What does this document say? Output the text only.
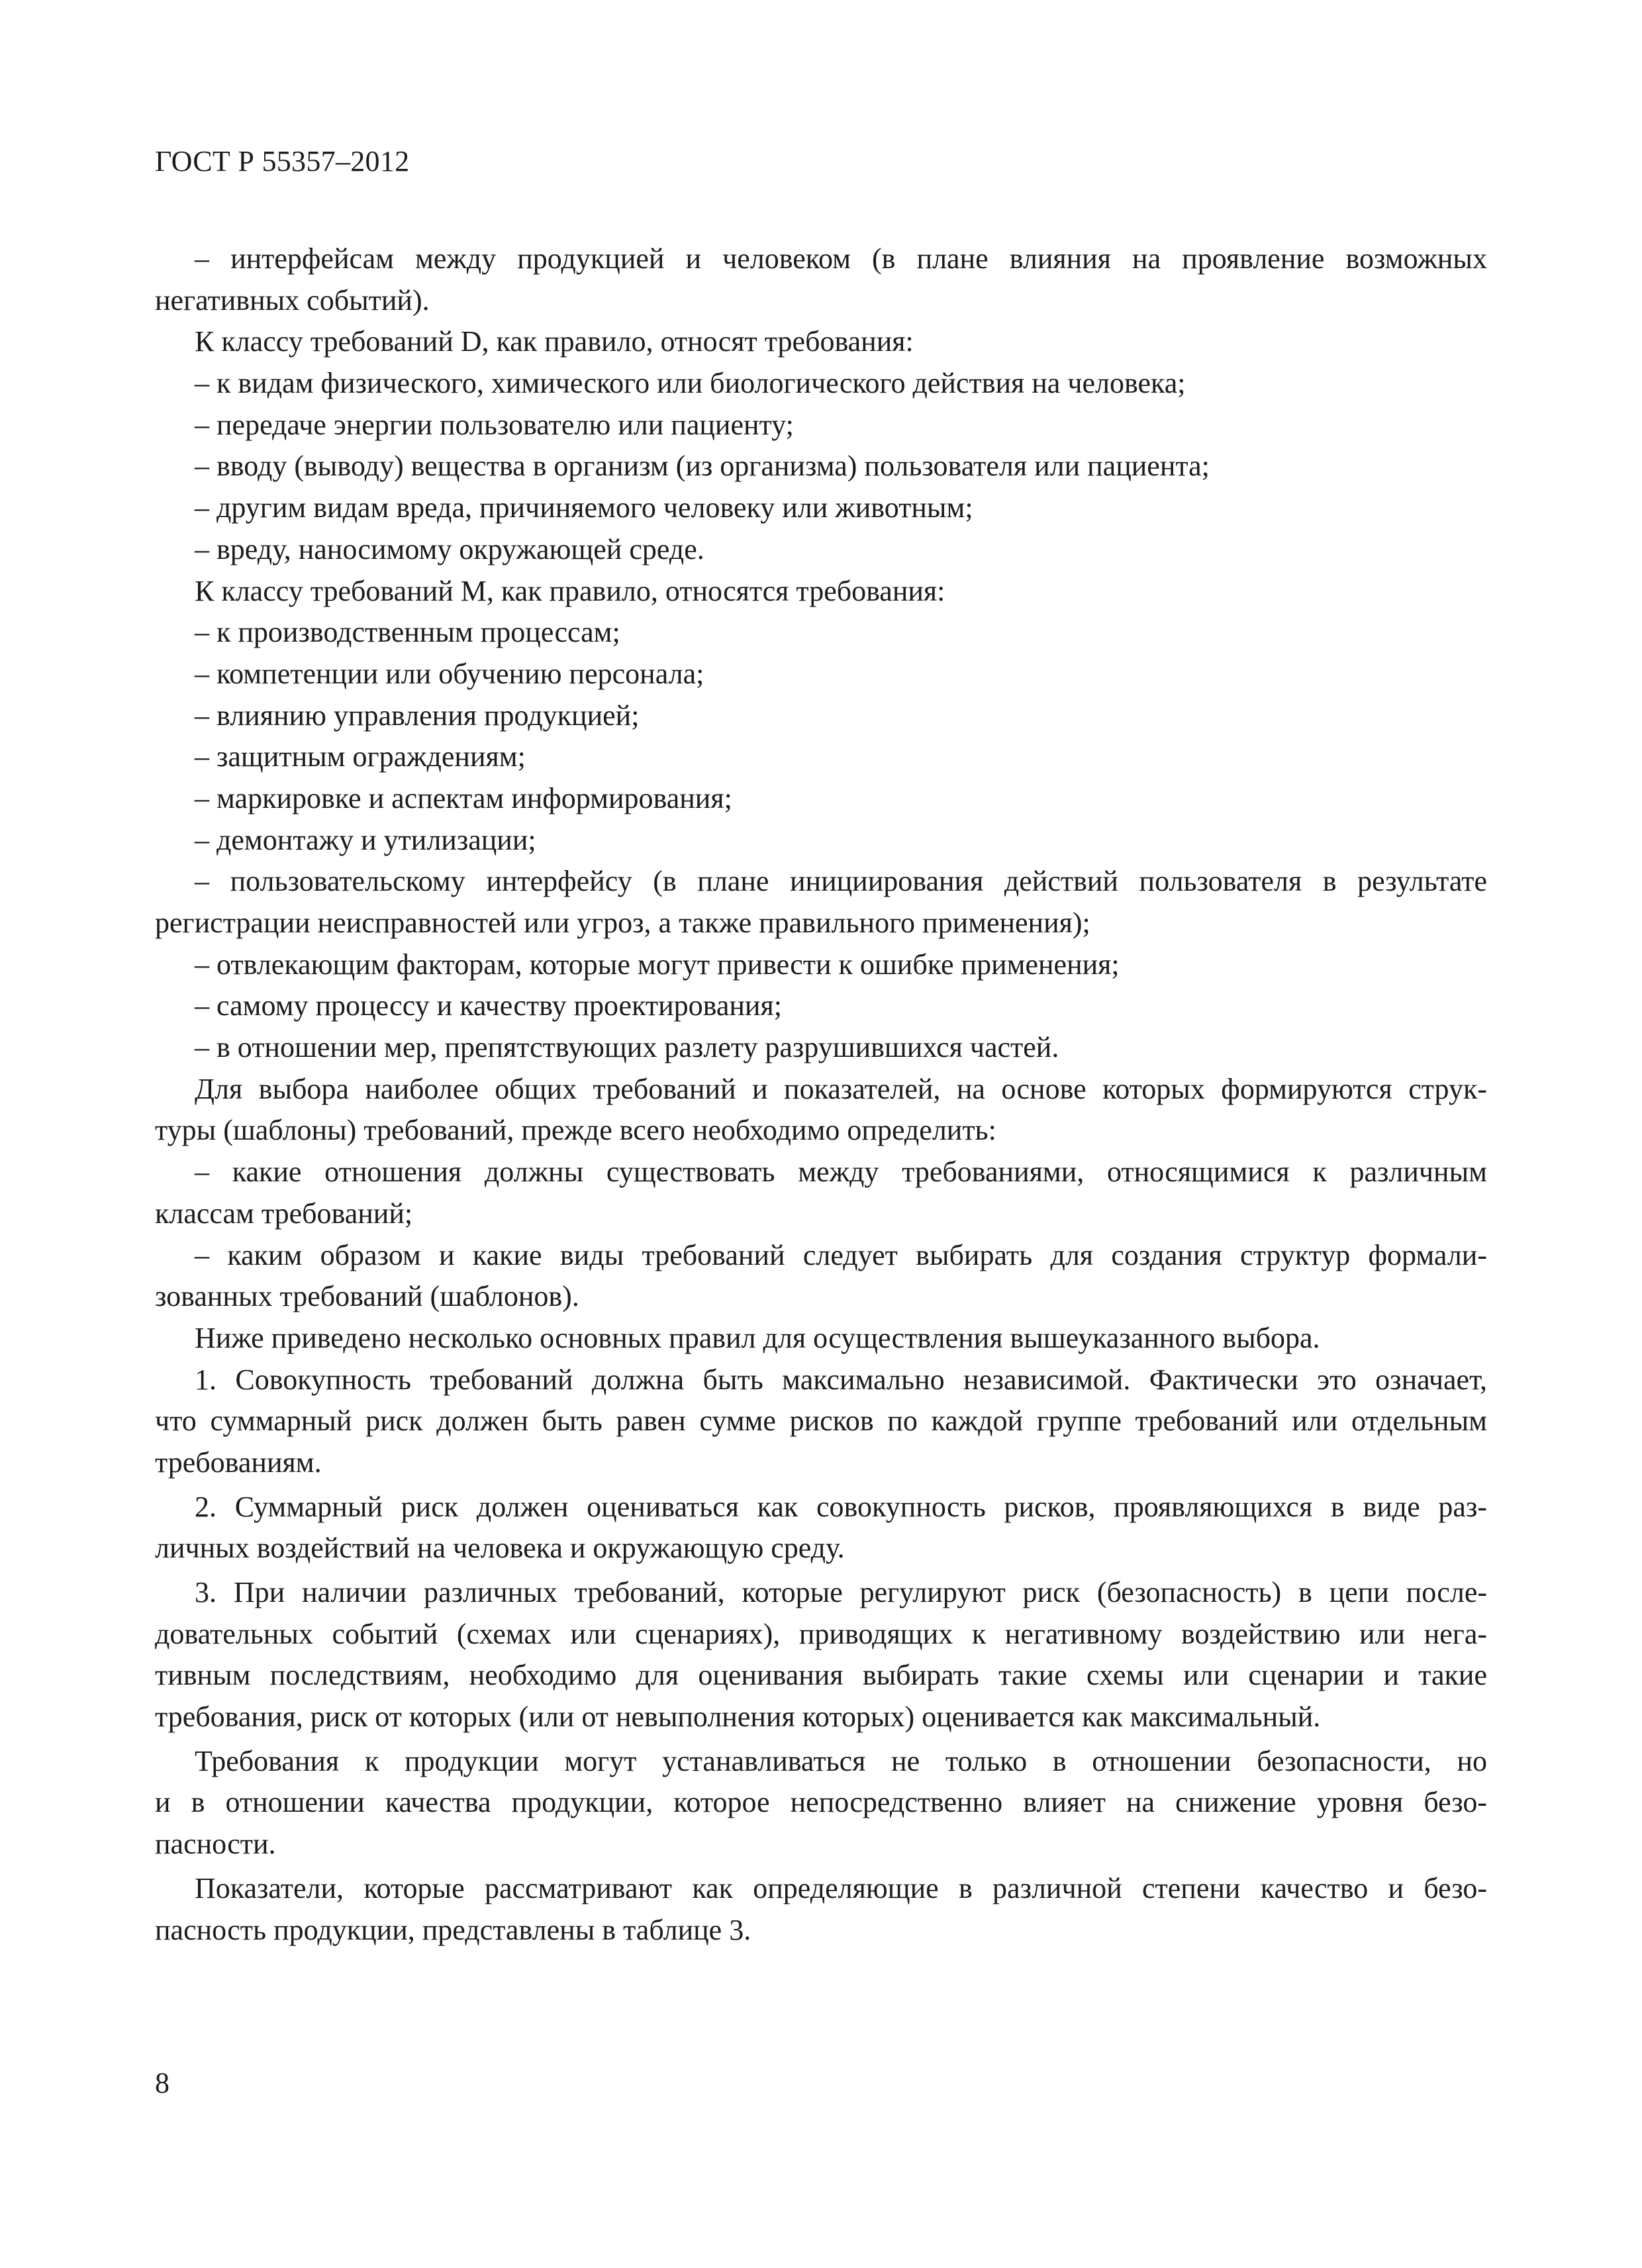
ГОСТ Р 55357–2012
– интерфейсам между продукцией и человеком (в плане влияния на проявление возможных
негативных событий).
К классу требований D, как правило, относят требования:
– к видам физического, химического или биологического действия на человека;
– передаче энергии пользователю или пациенту;
– вводу (выводу) вещества в организм (из организма) пользователя или пациента;
– другим видам вреда, причиняемого человеку или животным;
– вреду, наносимому окружающей среде.
К классу требований M, как правило, относятся требования:
– к производственным процессам;
– компетенции или обучению персонала;
– влиянию управления продукцией;
– защитным ограждениям;
– маркировке и аспектам информирования;
– демонтажу и утилизации;
– пользовательскому интерфейсу (в плане инициирования действий пользователя в результате
регистрации неисправностей или угроз, а также правильного применения);
– отвлекающим факторам, которые могут привести к ошибке применения;
– самому процессу и качеству проектирования;
– в отношении мер, препятствующих разлету разрушившихся частей.
Для выбора наиболее общих требований и показателей, на основе которых формируются струк-
туры (шаблоны) требований, прежде всего необходимо определить:
– какие отношения должны существовать между требованиями, относящимися к различным
классам требований;
– каким образом и какие виды требований следует выбирать для создания структур формали-
зованных требований (шаблонов).
Ниже приведено несколько основных правил для осуществления вышеуказанного выбора.
1. Совокупность требований должна быть максимально независимой. Фактически это означает,
что суммарный риск должен быть равен сумме рисков по каждой группе требований или отдельным
требованиям.
2. Суммарный риск должен оцениваться как совокупность рисков, проявляющихся в виде раз-
личных воздействий на человека и окружающую среду.
3. При наличии различных требований, которые регулируют риск (безопасность) в цепи после-
довательных событий (схемах или сценариях), приводящих к негативному воздействию или нега-
тивным последствиям, необходимо для оценивания выбирать такие схемы или сценарии и такие
требования, риск от которых (или от невыполнения которых) оценивается как максимальный.
Требования к продукции могут устанавливаться не только в отношении безопасности, но
и в отношении качества продукции, которое непосредственно влияет на снижение уровня безо-
пасности.
Показатели, которые рассматривают как определяющие в различной степени качество и безо-
пасность продукции, представлены в таблице 3.
8
